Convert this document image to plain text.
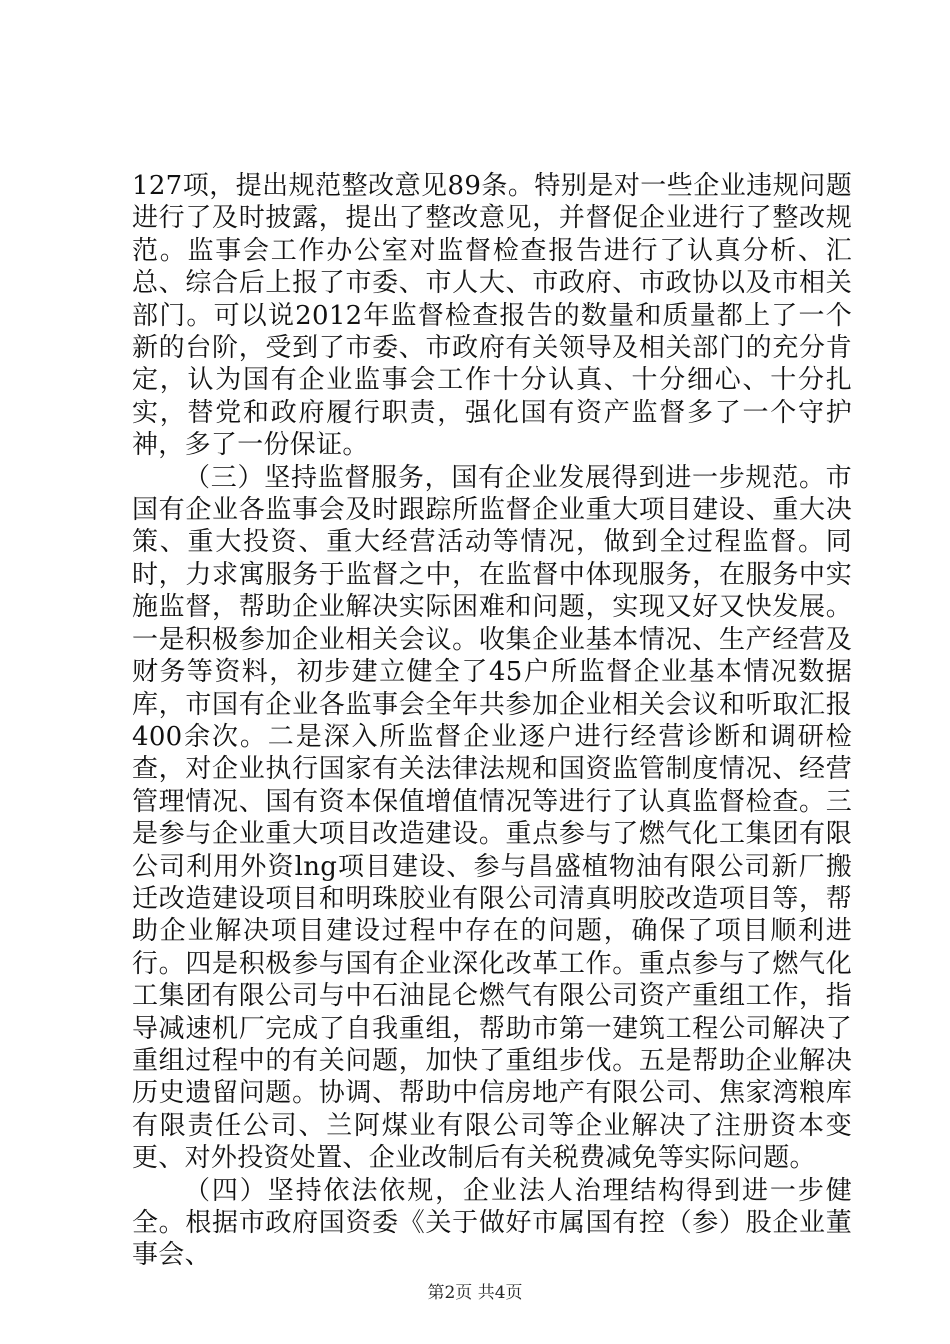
127项，提出规范整改意见89条。特别是对一些企业违规问题进行了及时披露，提出了整改意见，并督促企业进行了整改规范。监事会工作办公室对监督检查报告进行了认真分析、汇总、综合后上报了市委、市人大、市政府、市政协以及市相关部门。可以说2012年监督检查报告的数量和质量都上了一个新的台阶，受到了市委、市政府有关领导及相关部门的充分肯定，认为国有企业监事会工作十分认真、十分细心、十分扎实，替党和政府履行职责，强化国有资产监督多了一个守护神，多了一份保证。

（三）坚持监督服务，国有企业发展得到进一步规范。市国有企业各监事会及时跟踪所监督企业重大项目建设、重大决策、重大投资、重大经营活动等情况，做到全过程监督。同时，力求寓服务于监督之中，在监督中体现服务，在服务中实施监督，帮助企业解决实际困难和问题，实现又好又快发展。一是积极参加企业相关会议。收集企业基本情况、生产经营及财务等资料，初步建立健全了45户所监督企业基本情况数据库，市国有企业各监事会全年共参加企业相关会议和听取汇报400余次。二是深入所监督企业逐户进行经营诊断和调研检查，对企业执行国家有关法律法规和国资监管制度情况、经营管理情况、国有资本保值增值情况等进行了认真监督检查。三是参与企业重大项目改造建设。重点参与了燃气化工集团有限公司利用外资lng项目建设、参与昌盛植物油有限公司新厂搬迁改造建设项目和明珠胶业有限公司清真明胶改造项目等，帮助企业解决项目建设过程中存在的问题，确保了项目顺利进行。四是积极参与国有企业深化改革工作。重点参与了燃气化工集团有限公司与中石油昆仑燃气有限公司资产重组工作，指导减速机厂完成了自我重组，帮助市第一建筑工程公司解决了重组过程中的有关问题，加快了重组步伐。五是帮助企业解决历史遗留问题。协调、帮助中信房地产有限公司、焦家湾粮库有限责任公司、兰阿煤业有限公司等企业解决了注册资本变更、对外投资处置、企业改制后有关税费减免等实际问题。

（四）坚持依法依规，企业法人治理结构得到进一步健全。根据市政府国资委《关于做好市属国有控（参）股企业董事会、

第2页 共4页
